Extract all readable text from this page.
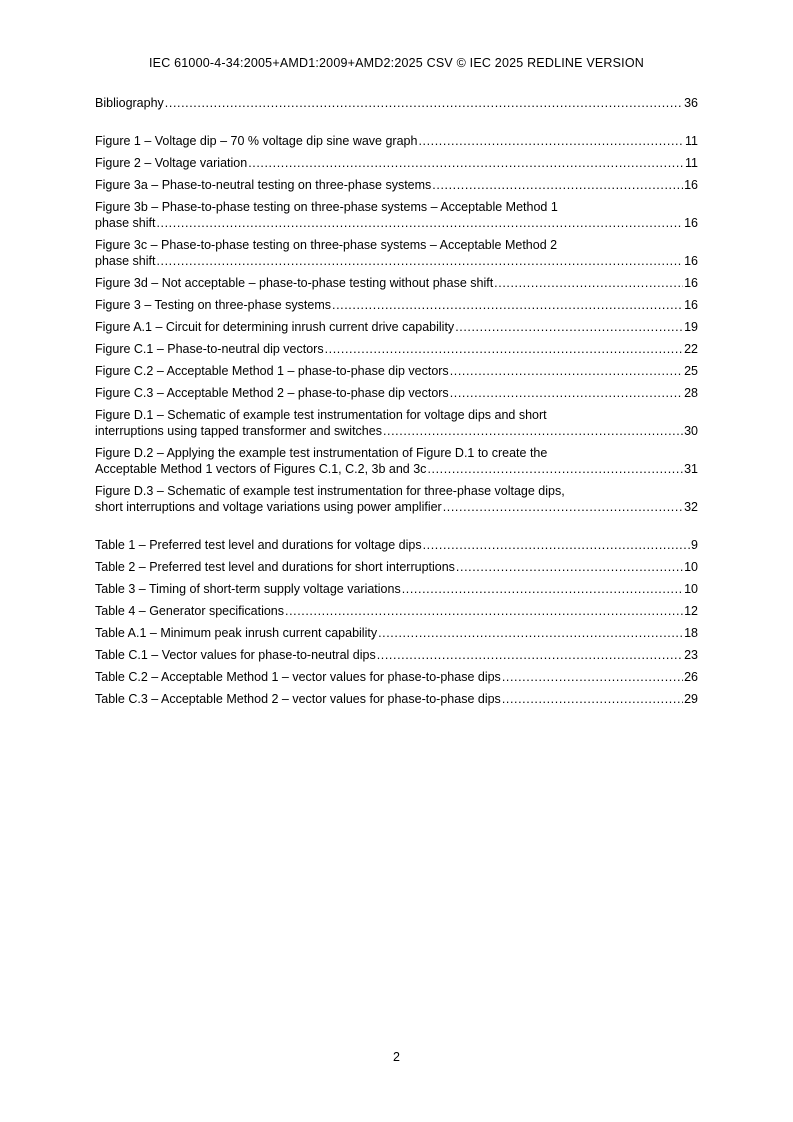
IEC 61000-4-34:2005+AMD1:2009+AMD2:2025 CSV © IEC 2025 REDLINE VERSION
Bibliography .....	36
Figure 1 – Voltage dip – 70 % voltage dip sine wave graph .....	11
Figure 2 – Voltage variation .....	11
Figure 3a – Phase-to-neutral testing on three-phase systems .....	16
Figure 3b – Phase-to-phase testing on three-phase systems – Acceptable Method 1
phase shift .....	16
Figure 3c – Phase-to-phase testing on three-phase systems – Acceptable Method 2
phase shift .....	16
Figure 3d – Not acceptable – phase-to-phase testing without phase shift .....	16
Figure 3 – Testing on three-phase systems .....	16
Figure A.1 – Circuit for determining inrush current drive capability .....	19
Figure C.1 – Phase-to-neutral dip vectors .....	22
Figure C.2 – Acceptable Method 1 – phase-to-phase dip vectors .....	25
Figure C.3 – Acceptable Method 2 – phase-to-phase dip vectors .....	28
Figure D.1 – Schematic of example test instrumentation for voltage dips and short
interruptions using tapped transformer and switches .....	30
Figure D.2 – Applying the example test instrumentation of Figure D.1 to create the
Acceptable Method 1 vectors of Figures C.1, C.2, 3b and 3c .....	31
Figure D.3 – Schematic of example test instrumentation for three-phase voltage dips,
short interruptions and voltage variations using power amplifier .....	32
Table 1 – Preferred test level and durations for voltage dips .....	9
Table 2 – Preferred test level and durations for short interruptions .....	10
Table 3 – Timing of short-term supply voltage variations .....	10
Table 4 – Generator specifications .....	12
Table A.1 – Minimum peak inrush current capability .....	18
Table C.1 – Vector values for phase-to-neutral dips .....	23
Table C.2 – Acceptable Method 1 – vector values for phase-to-phase dips .....	26
Table C.3 – Acceptable Method 2 – vector values for phase-to-phase dips .....	29
2
